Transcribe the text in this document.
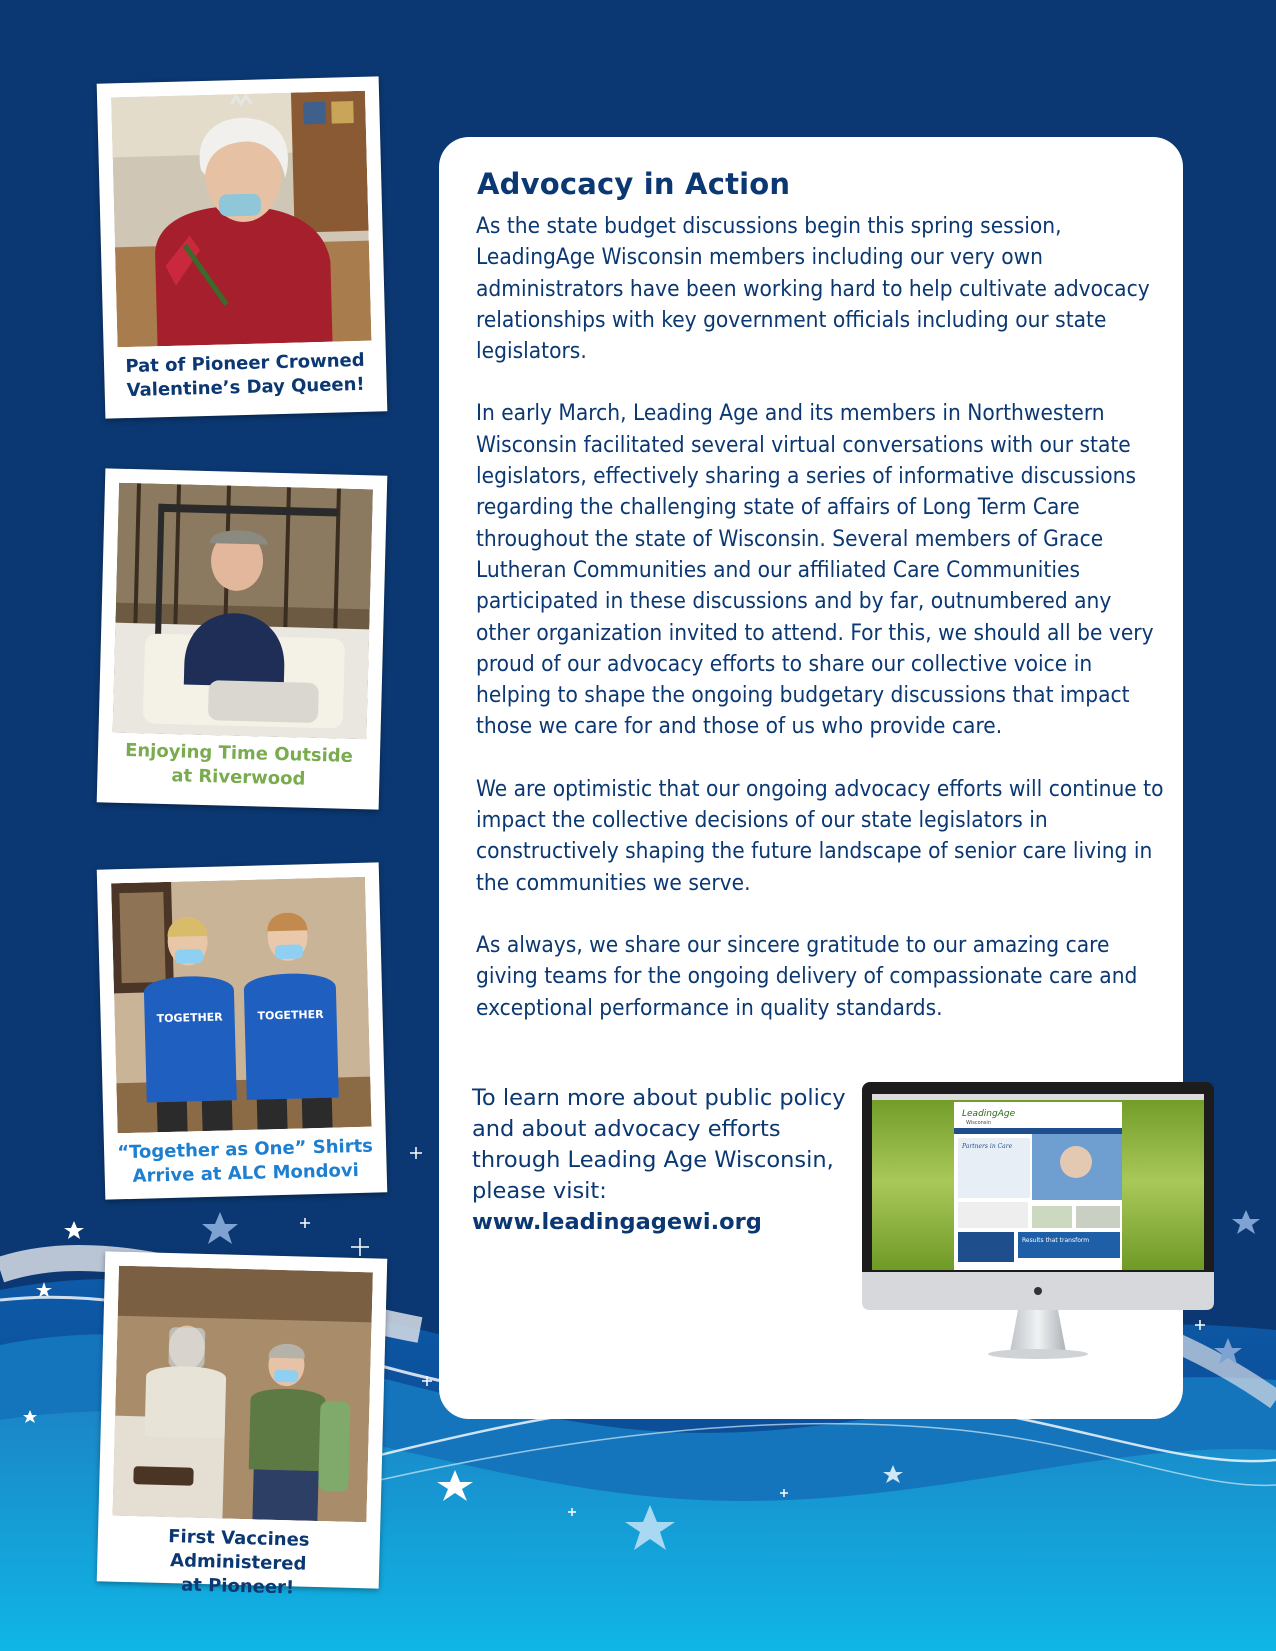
Pat of Pioneer Crowned
Valentine’s Day Queen!
Enjoying Time Outside
at Riverwood
TOGETHER	TOGETHER
“Together as One” Shirts
Arrive at ALC Mondovi
First Vaccines Administered
at Pioneer!
Advocacy in Action

As the state budget discussions begin this spring session, LeadingAge Wisconsin members including our very own administrators have been working hard to help cultivate advocacy relationships with key government officials including our state legislators.

In early March, Leading Age and its members in Northwestern Wisconsin facilitated several virtual conversations with our state legislators, effectively sharing a series of informative discussions regarding the challenging state of affairs of Long Term Care throughout the state of Wisconsin. Several members of Grace Lutheran Communities and our affiliated Care Communities participated in these discussions and by far, outnumbered any other organization invited to attend. For this, we should all be very proud of our advocacy efforts to share our collective voice in helping to shape the ongoing budgetary discussions that impact those we care for and those of us who provide care.

We are optimistic that our ongoing advocacy efforts will continue to impact the collective decisions of our state legislators in constructively shaping the future landscape of senior care living in the communities we serve.

As always, we share our sincere gratitude to our amazing care giving teams for the ongoing delivery of compassionate care and exceptional performance in quality standards.

To learn more about public policy and about advocacy efforts through Leading Age Wisconsin, please visit:
www.leadingagewi.org
LeadingAge
Wisconsin
Partners in Care
Results that transform
